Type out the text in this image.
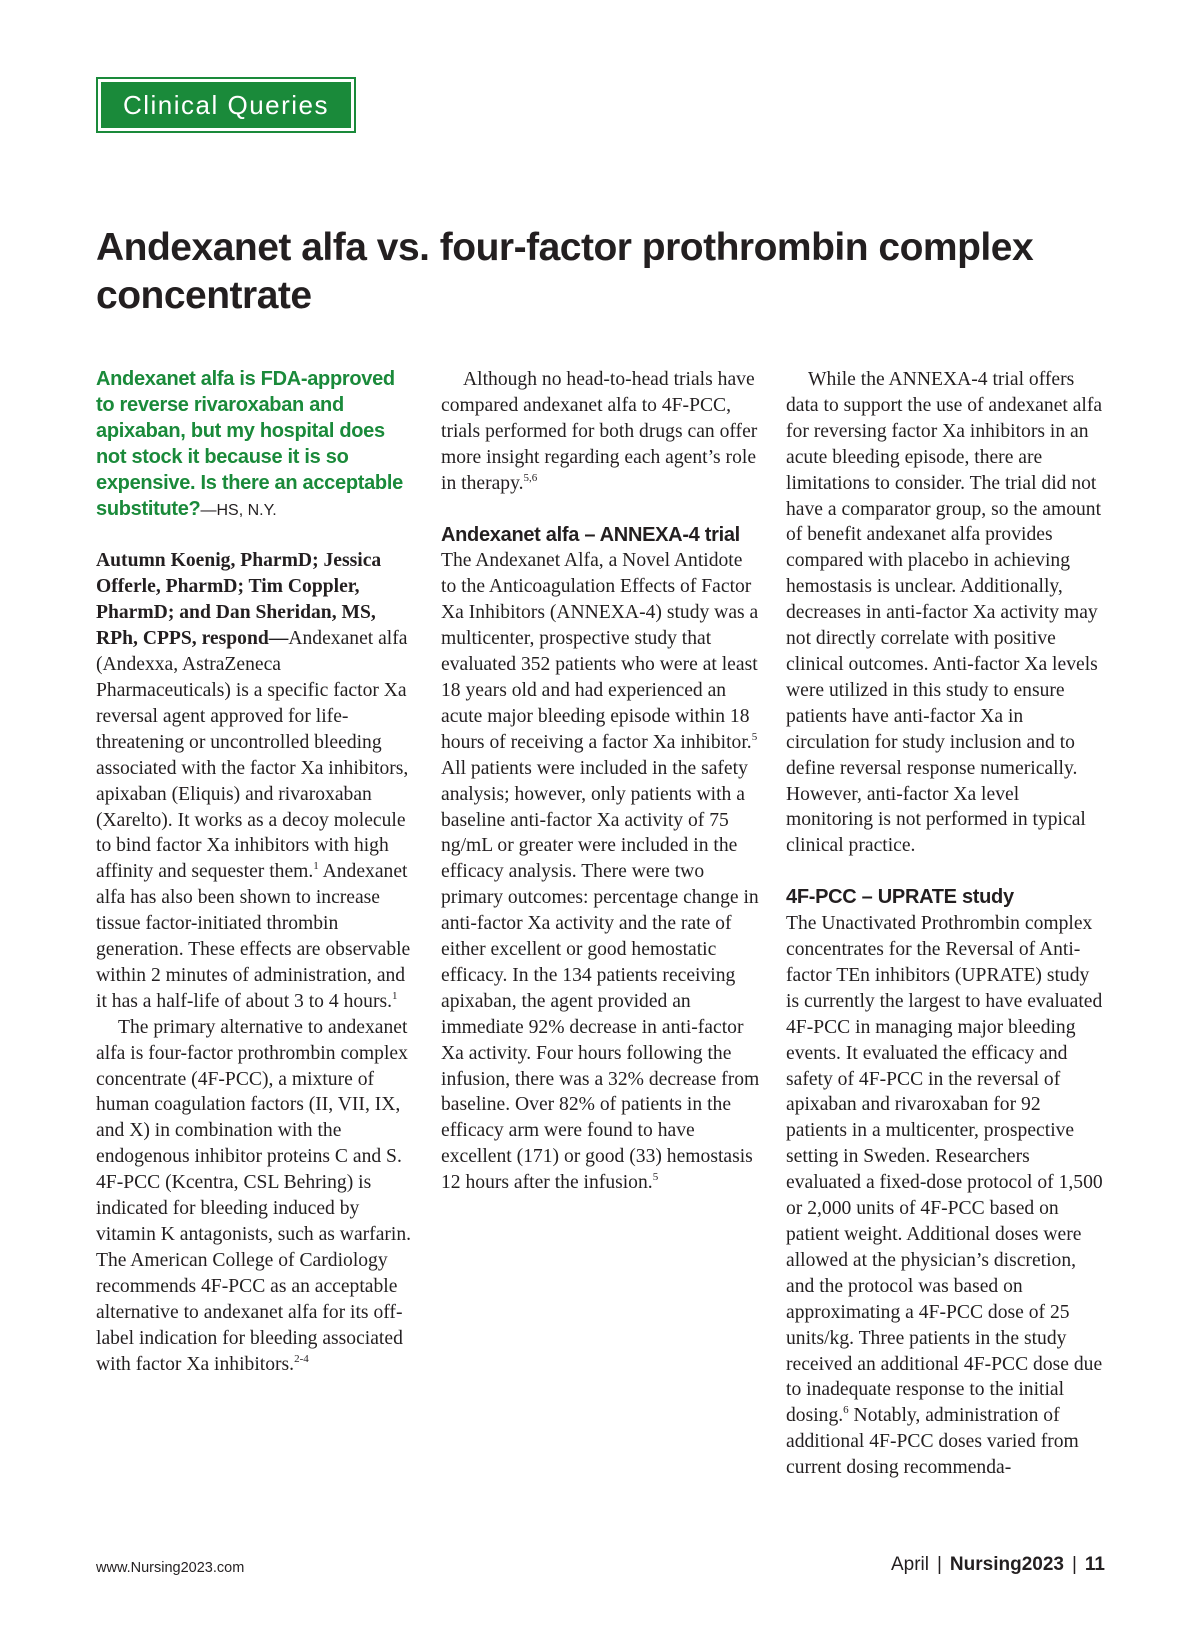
Clinical Queries
Andexanet alfa vs. four-factor prothrombin complex concentrate

Andexanet alfa is FDA-approved to reverse rivaroxaban and apixaban, but my hospital does not stock it because it is so expensive. Is there an acceptable substitute?—HS, N.Y.

Autumn Koenig, PharmD; Jessica Offerle, PharmD; Tim Coppler, PharmD; and Dan Sheridan, MS, RPh, CPPS, respond—Andexanet alfa (Andexxa, AstraZeneca Pharmaceuticals) is a specific factor Xa reversal agent approved for life-threatening or uncontrolled bleeding associated with the factor Xa inhibitors, apixaban (Eliquis) and rivaroxaban (Xarelto). It works as a decoy molecule to bind factor Xa inhibitors with high affinity and sequester them.$^1$ Andexanet alfa has also been shown to increase tissue factor-initiated thrombin generation. These effects are observable within 2 minutes of administration, and it has a half-life of about 3 to 4 hours.$^1$

The primary alternative to andexanet alfa is four-factor prothrombin complex concentrate (4F-PCC), a mixture of human coagulation factors (II, VII, IX, and X) in combination with the endogenous inhibitor proteins C and S. 4F-PCC (Kcentra, CSL Behring) is indicated for bleeding induced by vitamin K antagonists, such as warfarin. The American College of Cardiology recommends 4F-PCC as an acceptable alternative to andexanet alfa for its off-label indication for bleeding associated with factor Xa inhibitors.$^{2-4}$

Although no head-to-head trials have compared andexanet alfa to 4F-PCC, trials performed for both drugs can offer more insight regarding each agent’s role in therapy.$^{5,6}$

Andexanet alfa – ANNEXA-4 trial

The Andexanet Alfa, a Novel Antidote to the Anticoagulation Effects of Factor Xa Inhibitors (ANNEXA-4) study was a multicenter, prospective study that evaluated 352 patients who were at least 18 years old and had experienced an acute major bleeding episode within 18 hours of receiving a factor Xa inhibitor.$^5$ All patients were included in the safety analysis; however, only patients with a baseline anti-factor Xa activity of 75 ng/mL or greater were included in the efficacy analysis. There were two primary outcomes: percentage change in anti-factor Xa activity and the rate of either excellent or good hemostatic efficacy. In the 134 patients receiving apixaban, the agent provided an immediate 92% decrease in anti-factor Xa activity. Four hours following the infusion, there was a 32% decrease from baseline. Over 82% of patients in the efficacy arm were found to have excellent (171) or good (33) hemostasis 12 hours after the infusion.$^5$

While the ANNEXA-4 trial offers data to support the use of andexanet alfa for reversing factor Xa inhibitors in an acute bleeding episode, there are limitations to consider. The trial did not have a comparator group, so the amount of benefit andexanet alfa provides compared with placebo in achieving hemostasis is unclear. Additionally, decreases in anti-factor Xa activity may not directly correlate with positive clinical outcomes. Anti-factor Xa levels were utilized in this study to ensure patients have anti-factor Xa in circulation for study inclusion and to define reversal response numerically. However, anti-factor Xa level monitoring is not performed in typical clinical practice.

4F-PCC – UPRATE study

The Unactivated Prothrombin complex concentrates for the Reversal of Anti-factor TEn inhibitors (UPRATE) study is currently the largest to have evaluated 4F-PCC in managing major bleeding events. It evaluated the efficacy and safety of 4F-PCC in the reversal of apixaban and rivaroxaban for 92 patients in a multicenter, prospective setting in Sweden. Researchers evaluated a fixed-dose protocol of 1,500 or 2,000 units of 4F-PCC based on patient weight. Additional doses were allowed at the physician’s discretion, and the protocol was based on approximating a 4F-PCC dose of 25 units/kg. Three patients in the study received an additional 4F-PCC dose due to inadequate response to the initial dosing.$^6$ Notably, administration of additional 4F-PCC doses varied from current dosing recommenda-

www.Nursing2023.com	April | Nursing2023 | 11
